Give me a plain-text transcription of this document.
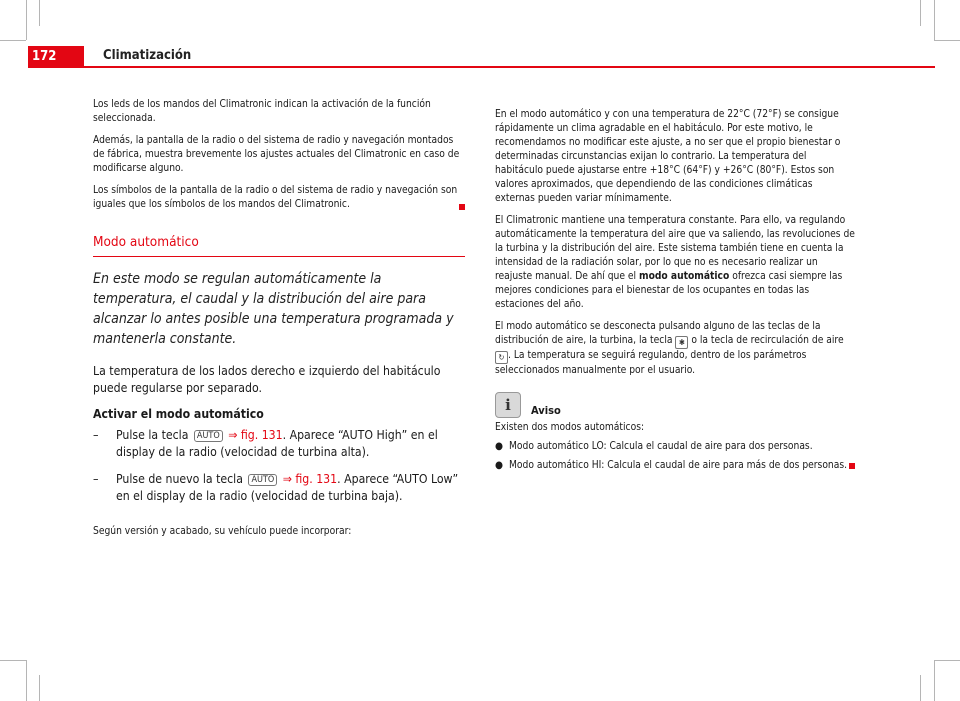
172	Climatización

Los leds de los mandos del Climatronic indican la activación de la función seleccionada.

Además, la pantalla de la radio o del sistema de radio y navegación montados de fábrica, muestra brevemente los ajustes actuales del Climatronic en caso de modificarse alguno.

Los símbolos de la pantalla de la radio o del sistema de radio y navegación son iguales que los símbolos de los mandos del Climatronic.

Modo automático
En este modo se regulan automáticamente la temperatura, el caudal y la distribución del aire para alcanzar lo antes posible una temperatura programada y mantenerla constante.
La temperatura de los lados derecho e izquierdo del habitáculo puede regularse por separado.
Activar el modo automático
– Pulse la tecla AUTO ⇒ fig. 131. Aparece “AUTO High” en el display de la radio (velocidad de turbina alta).
– Pulse de nuevo la tecla AUTO ⇒ fig. 131. Aparece “AUTO Low” en el display de la radio (velocidad de turbina baja).

Según versión y acabado, su vehículo puede incorporar:

En el modo automático y con una temperatura de 22°C (72°F) se consigue rápidamente un clima agradable en el habitáculo. Por este motivo, le recomendamos no modificar este ajuste, a no ser que el propio bienestar o determinadas circunstancias exijan lo contrario. La temperatura del habitáculo puede ajustarse entre +18°C (64°F) y +26°C (80°F). Estos son valores aproximados, que dependiendo de las condiciones climáticas externas pueden variar mínimamente.

El Climatronic mantiene una temperatura constante. Para ello, va regulando automáticamente la temperatura del aire que va saliendo, las revoluciones de la turbina y la distribución del aire. Este sistema también tiene en cuenta la intensidad de la radiación solar, por lo que no es necesario realizar un reajuste manual. De ahí que el modo automático ofrezca casi siempre las mejores condiciones para el bienestar de los ocupantes en todas las estaciones del año.

El modo automático se desconecta pulsando alguno de las teclas de la distribución de aire, la turbina, la tecla ✱ o la tecla de recirculación de aire ↻ . La temperatura se seguirá regulando, dentro de los parámetros seleccionados manualmente por el usuario.

i	Aviso

Existen dos modos automáticos:

● Modo automático LO: Calcula el caudal de aire para dos personas.

● Modo automático HI: Calcula el caudal de aire para más de dos personas.
